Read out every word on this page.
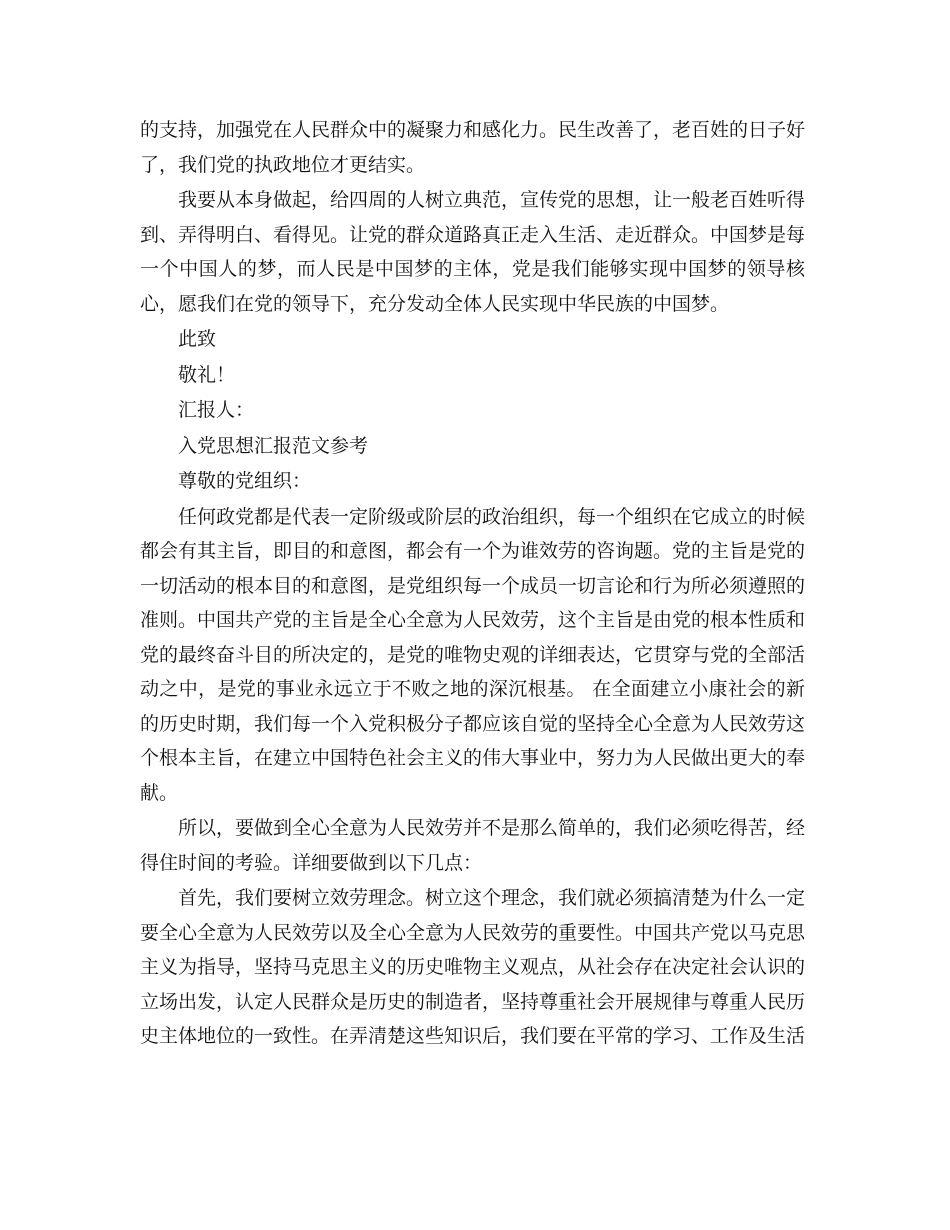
的支持，加强党在人民群众中的凝聚力和感化力。民生改善了，老百姓的日子好了，我们党的执政地位才更结实。

我要从本身做起，给四周的人树立典范，宣传党的思想，让一般老百姓听得到、弄得明白、看得见。让党的群众道路真正走入生活、走近群众。中国梦是每一个中国人的梦，而人民是中国梦的主体，党是我们能够实现中国梦的领导核心，愿我们在党的领导下，充分发动全体人民实现中华民族的中国梦。

此致

敬礼！

汇报人：

入党思想汇报范文参考

尊敬的党组织：

任何政党都是代表一定阶级或阶层的政治组织，每一个组织在它成立的时候都会有其主旨，即目的和意图，都会有一个为谁效劳的咨询题。党的主旨是党的一切活动的根本目的和意图，是党组织每一个成员一切言论和行为所必须遵照的准则。中国共产党的主旨是全心全意为人民效劳，这个主旨是由党的根本性质和党的最终奋斗目的所决定的，是党的唯物史观的详细表达，它贯穿与党的全部活动之中，是党的事业永远立于不败之地的深沉根基。 在全面建立小康社会的新的历史时期，我们每一个入党积极分子都应该自觉的坚持全心全意为人民效劳这个根本主旨，在建立中国特色社会主义的伟大事业中，努力为人民做出更大的奉献。

所以，要做到全心全意为人民效劳并不是那么简单的，我们必须吃得苦，经得住时间的考验。详细要做到以下几点：

首先，我们要树立效劳理念。树立这个理念，我们就必须搞清楚为什么一定要全心全意为人民效劳以及全心全意为人民效劳的重要性。中国共产党以马克思主义为指导，坚持马克思主义的历史唯物主义观点，从社会存在决定社会认识的立场出发，认定人民群众是历史的制造者，坚持尊重社会开展规律与尊重人民历史主体地位的一致性。在弄清楚这些知识后，我们要在平常的学习、工作及生活
